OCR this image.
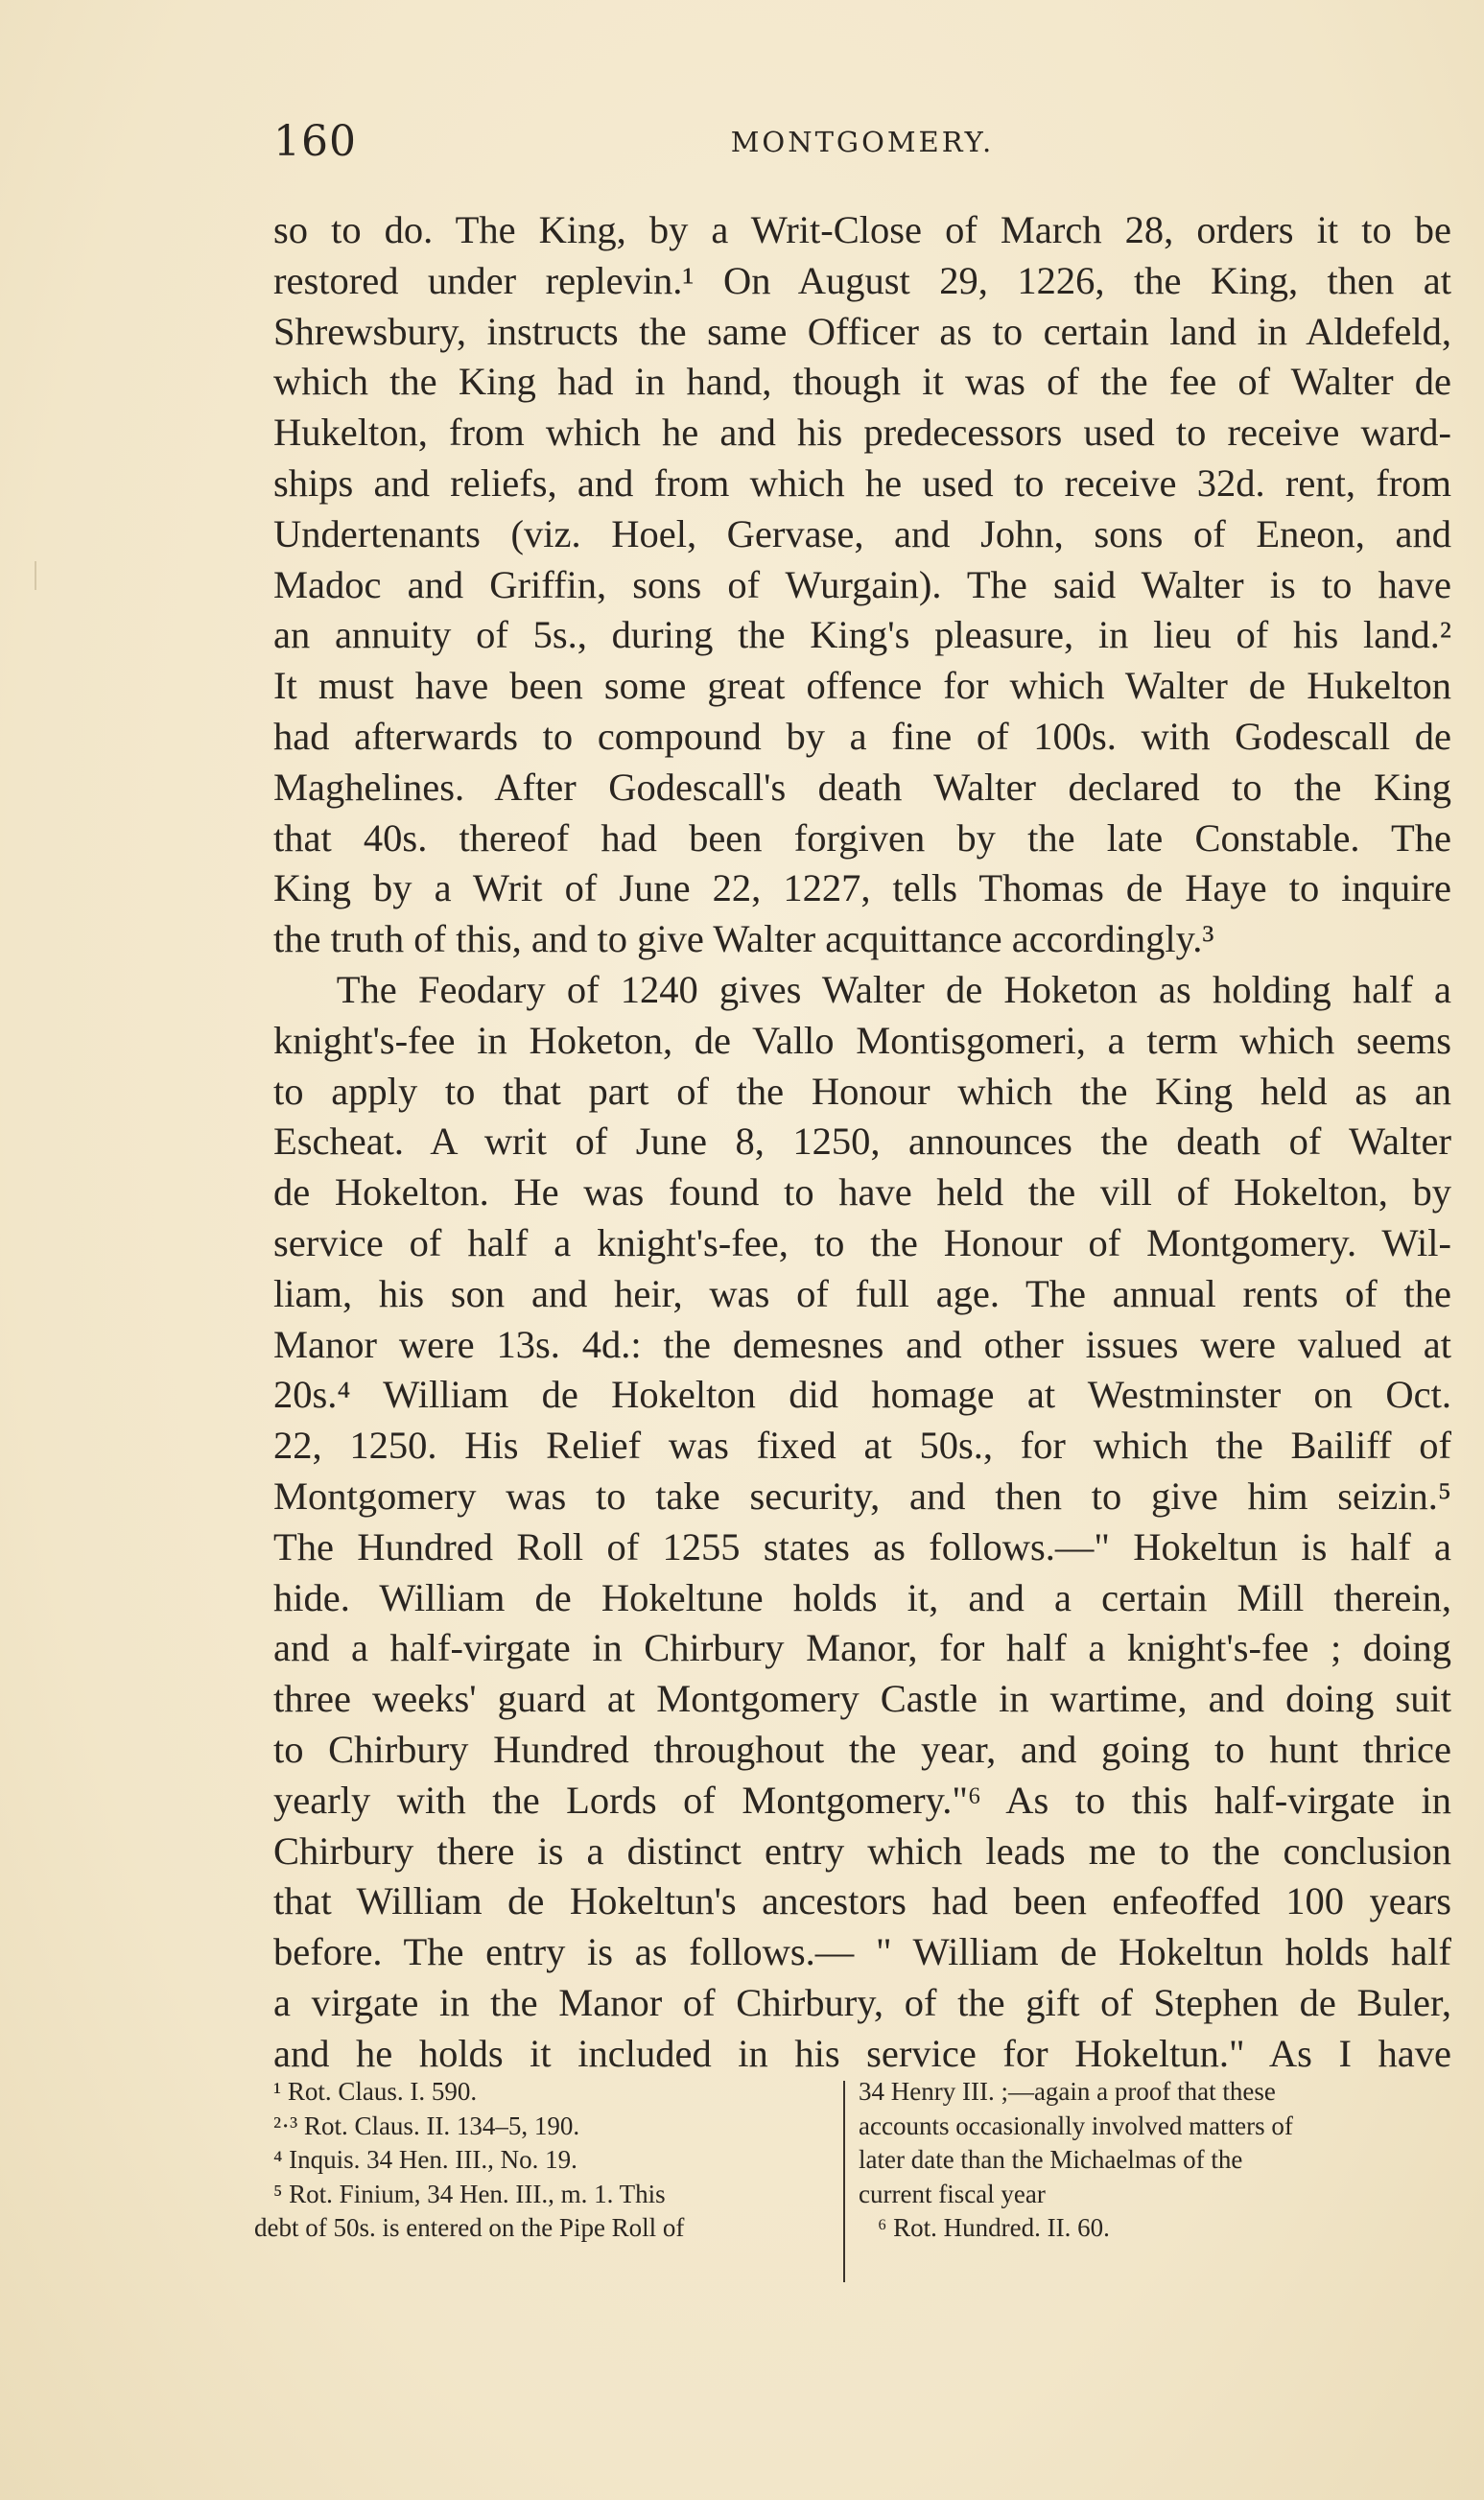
160	MONTGOMERY.
so to do. The King, by a Writ-Close of March 28, orders it to be
restored under replevin.¹ On August 29, 1226, the King, then at
Shrewsbury, instructs the same Officer as to certain land in Aldefeld,
which the King had in hand, though it was of the fee of Walter de
Hukelton, from which he and his predecessors used to receive ward-
ships and reliefs, and from which he used to receive 32d. rent, from
Undertenants (viz. Hoel, Gervase, and John, sons of Eneon, and
Madoc and Griffin, sons of Wurgain). The said Walter is to have
an annuity of 5s., during the King's pleasure, in lieu of his land.²
It must have been some great offence for which Walter de Hukelton
had afterwards to compound by a fine of 100s. with Godescall de
Maghelines. After Godescall's death Walter declared to the King
that 40s. thereof had been forgiven by the late Constable. The
King by a Writ of June 22, 1227, tells Thomas de Haye to inquire
the truth of this, and to give Walter acquittance accordingly.³
The Feodary of 1240 gives Walter de Hoketon as holding half a
knight's-fee in Hoketon, de Vallo Montisgomeri, a term which seems
to apply to that part of the Honour which the King held as an
Escheat. A writ of June 8, 1250, announces the death of Walter
de Hokelton. He was found to have held the vill of Hokelton, by
service of half a knight's-fee, to the Honour of Montgomery. Wil-
liam, his son and heir, was of full age. The annual rents of the
Manor were 13s. 4d.: the demesnes and other issues were valued at
20s.⁴ William de Hokelton did homage at Westminster on Oct.
22, 1250. His Relief was fixed at 50s., for which the Bailiff of
Montgomery was to take security, and then to give him seizin.⁵
The Hundred Roll of 1255 states as follows.—" Hokeltun is half a
hide. William de Hokeltune holds it, and a certain Mill therein,
and a half-virgate in Chirbury Manor, for half a knight's-fee ; doing
three weeks' guard at Montgomery Castle in wartime, and doing suit
to Chirbury Hundred throughout the year, and going to hunt thrice
yearly with the Lords of Montgomery."⁶ As to this half-virgate in
Chirbury there is a distinct entry which leads me to the conclusion
that William de Hokeltun's ancestors had been enfeoffed 100 years
before. The entry is as follows.— " William de Hokeltun holds half
a virgate in the Manor of Chirbury, of the gift of Stephen de Buler,
and he holds it included in his service for Hokeltun." As I have
¹ Rot. Claus. I. 590.
²·³ Rot. Claus. II. 134–5, 190.
⁴ Inquis. 34 Hen. III., No. 19.
⁵ Rot. Finium, 34 Hen. III., m. 1. This
debt of 50s. is entered on the Pipe Roll of
34 Henry III. ;—again a proof that these
accounts occasionally involved matters of
later date than the Michaelmas of the
current fiscal year
⁶ Rot. Hundred. II. 60.
